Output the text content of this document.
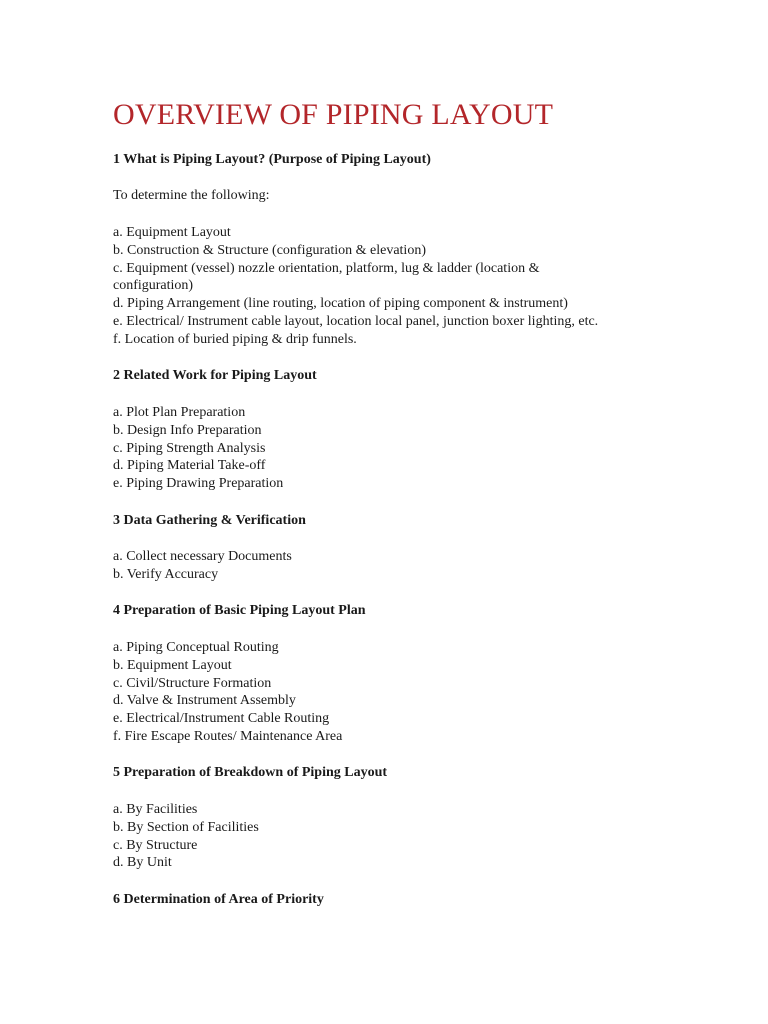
OVERVIEW OF PIPING LAYOUT
1 What is Piping Layout? (Purpose of Piping Layout)
To determine the following:
a. Equipment Layout
b. Construction & Structure (configuration & elevation)
c. Equipment (vessel) nozzle orientation, platform, lug & ladder (location & configuration)
d. Piping Arrangement (line routing, location of piping component & instrument)
e. Electrical/ Instrument cable layout, location local panel, junction boxer lighting, etc.
f. Location of buried piping & drip funnels.
2 Related Work for Piping Layout
a. Plot Plan Preparation
b. Design Info Preparation
c. Piping Strength Analysis
d. Piping Material Take-off
e. Piping Drawing Preparation
3 Data Gathering & Verification
a. Collect necessary Documents
b. Verify Accuracy
4 Preparation of Basic Piping Layout Plan
a. Piping Conceptual Routing
b. Equipment Layout
c. Civil/Structure Formation
d. Valve & Instrument Assembly
e. Electrical/Instrument Cable Routing
f. Fire Escape Routes/ Maintenance Area
5 Preparation of Breakdown of Piping Layout
a. By Facilities
b. By Section of Facilities
c. By Structure
d. By Unit
6 Determination of Area of Priority
